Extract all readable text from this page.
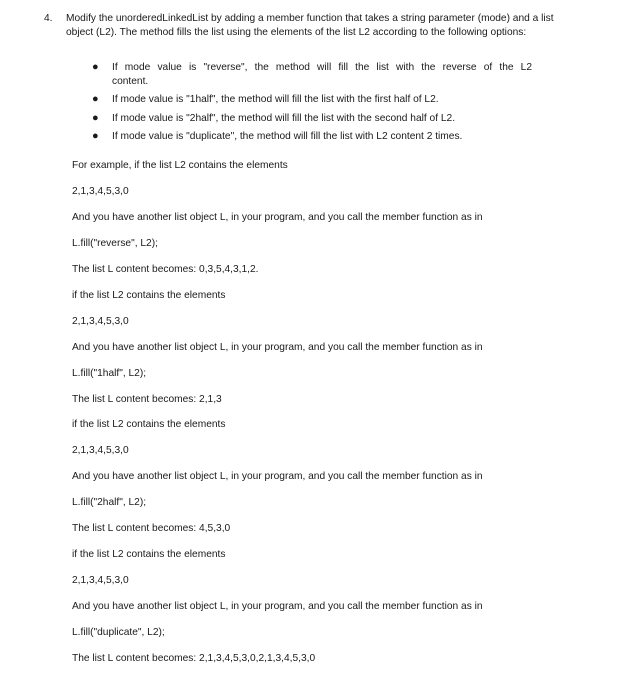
4. Modify the unorderedLinkedList by adding a member function that takes a string parameter (mode) and a list object (L2). The method fills the list using the elements of the list L2 according to the following options:
● If mode value is "reverse", the method will fill the list with the reverse of the L2 content.
● If mode value is "1half", the method will fill the list with the first half of L2.
● If mode value is "2half", the method will fill the list with the second half of L2.
● If mode value is "duplicate", the method will fill the list with L2 content 2 times.
For example, if the list L2 contains the elements
2,1,3,4,5,3,0
And you have another list object L, in your program, and you call the member function as in
L.fill("reverse", L2);
The list L content becomes: 0,3,5,4,3,1,2.
if the list L2 contains the elements
2,1,3,4,5,3,0
And you have another list object L, in your program, and you call the member function as in
L.fill("1half", L2);
The list L content becomes: 2,1,3
if the list L2 contains the elements
2,1,3,4,5,3,0
And you have another list object L, in your program, and you call the member function as in
L.fill("2half", L2);
The list L content becomes: 4,5,3,0
if the list L2 contains the elements
2,1,3,4,5,3,0
And you have another list object L, in your program, and you call the member function as in
L.fill("duplicate", L2);
The list L content becomes: 2,1,3,4,5,3,0,2,1,3,4,5,3,0
